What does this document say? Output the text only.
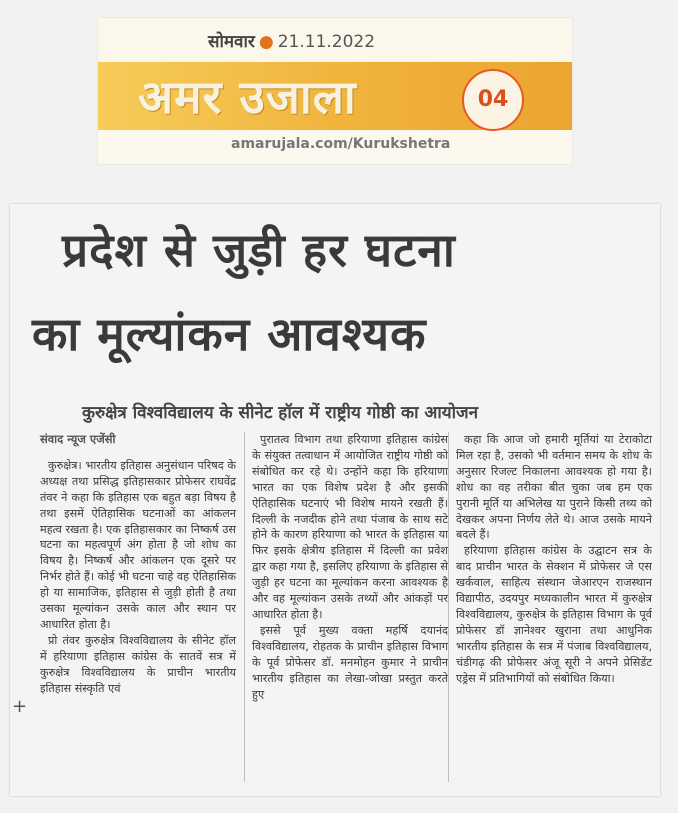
सोमवार ● 21.11.2022
अमर उजाला	04
amarujala.com/Kurukshetra
प्रदेश से जुड़ी हर घटना
का मूल्यांकन आवश्यक
कुरुक्षेत्र विश्वविद्यालय के सीनेट हॉल में राष्ट्रीय गोष्ठी का आयोजन

संवाद न्यूज एजेंसी

कुरुक्षेत्र। भारतीय इतिहास अनुसंधान परिषद के अध्यक्ष तथा प्रसिद्ध इतिहासकार प्रोफेसर राघवेंद्र तंवर ने कहा कि इतिहास एक बहुत बड़ा विषय है तथा इसमें ऐतिहासिक घटनाओं का आंकलन महत्व रखता है। एक इतिहासकार का निष्कर्ष उस घटना का महत्वपूर्ण अंग होता है जो शोध का विषय है। निष्कर्ष और आंकलन एक दूसरे पर निर्भर होते हैं। कोई भी घटना चाहे वह ऐतिहासिक हो या सामाजिक, इतिहास से जुड़ी होती है तथा उसका मूल्यांकन उसके काल और स्थान पर आधारित होता है।

प्रो तंवर कुरुक्षेत्र विश्वविद्यालय के सीनेट हॉल में हरियाणा इतिहास कांग्रेस के सातवें सत्र में कुरुक्षेत्र विश्वविद्यालय के प्राचीन भारतीय इतिहास संस्कृति एवं

पुरातत्व विभाग तथा हरियाणा इतिहास कांग्रेस के संयुक्त तत्वाधान में आयोजित राष्ट्रीय गोष्ठी को संबोधित कर रहे थे। उन्होंने कहा कि हरियाणा भारत का एक विशेष प्रदेश है और इसकी ऐतिहासिक घटनाएं भी विशेष मायने रखती हैं। दिल्ली के नजदीक होने तथा पंजाब के साथ सटे होने के कारण हरियाणा को भारत के इतिहास या फिर इसके क्षेत्रीय इतिहास में दिल्ली का प्रवेश द्वार कहा गया है, इसलिए हरियाणा के इतिहास से जुड़ी हर घटना का मूल्यांकन करना आवश्यक है और वह मूल्यांकन उसके तथ्यों और आंकड़ों पर आधारित होता है।

इससे पूर्व मुख्य वक्ता महर्षि दयानंद विश्वविद्यालय, रोहतक के प्राचीन इतिहास विभाग के पूर्व प्रोफेसर डॉ. मनमोहन कुमार ने प्राचीन भारतीय इतिहास का लेखा-जोखा प्रस्तुत करते हुए

कहा कि आज जो हमारी मूर्तियां या टेराकोटा मिल रहा है, उसको भी वर्तमान समय के शोध के अनुसार रिजल्ट निकालना आवश्यक हो गया है। शोध का वह तरीका बीत चुका जब हम एक पुरानी मूर्ति या अभिलेख या पुराने किसी तथ्य को देखकर अपना निर्णय लेते थे। आज उसके मायने बदले हैं।

हरियाणा इतिहास कांग्रेस के उद्घाटन सत्र के बाद प्राचीन भारत के सेक्शन में प्रोफेसर जे एस खर्कवाल, साहित्य संस्थान जेआरएन राजस्थान विद्यापीठ, उदयपुर मध्यकालीन भारत में कुरुक्षेत्र विश्वविद्यालय, कुरुक्षेत्र के इतिहास विभाग के पूर्व प्रोफेसर डॉ ज्ञानेश्वर खुराना तथा आधुनिक भारतीय इतिहास के सत्र में पंजाब विश्वविद्यालय, चंडीगढ़ की प्रोफेसर अंजू सूरी ने अपने प्रेसिडेंट एड्रेस में प्रतिभागियों को संबोधित किया।

+
